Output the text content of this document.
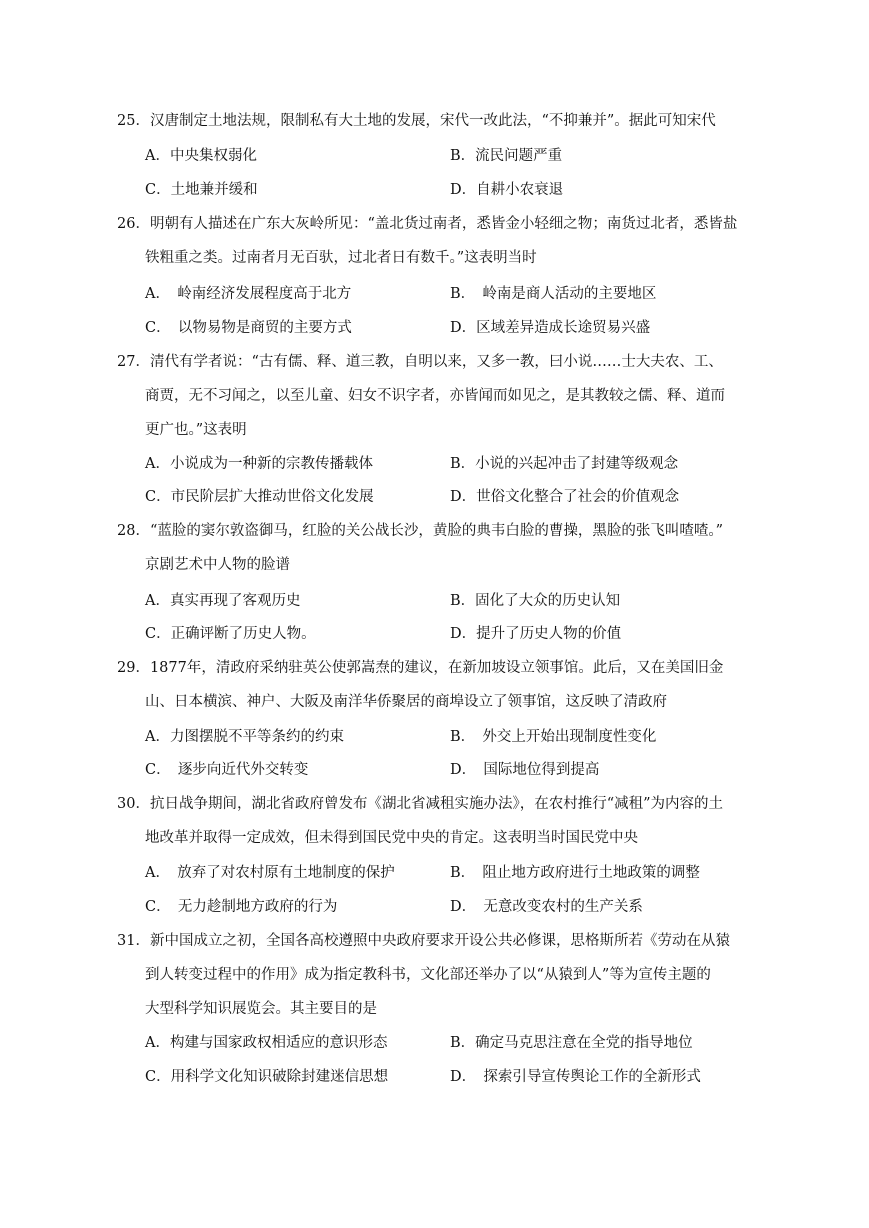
25．汉唐制定土地法规，限制私有大土地的发展，宋代一改此法，“不抑兼并”。据此可知宋代
A．中央集权弱化	B．流民问题严重
C．土地兼并缓和	D．自耕小农衰退
26．明朝有人描述在广东大灰岭所见：“盖北货过南者，悉皆金小轻细之物；南货过北者，悉皆盐
铁粗重之类。过南者月无百驮，过北者日有数千。”这表明当时
A．　岭南经济发展程度高于北方	B．　岭南是商人活动的主要地区
C．　以物易物是商贸的主要方式	D．区域差异造成长途贸易兴盛
27．清代有学者说：“古有儒、释、道三教，自明以来，又多一教，曰小说……士大夫农、工、
商贾，无不习闻之，以至儿童、妇女不识字者，亦皆闻而如见之，是其教较之儒、释、道而
更广也。”这表明
A．小说成为一种新的宗教传播载体	B．小说的兴起冲击了封建等级观念
C．市民阶层扩大推动世俗文化发展	D．世俗文化整合了社会的价值观念
28．“蓝脸的窦尔敦盗御马，红脸的关公战长沙，黄脸的典韦白脸的曹操，黑脸的张飞叫喳喳。”
京剧艺术中人物的脸谱
A．真实再现了客观历史	B．固化了大众的历史认知
C．正确评断了历史人物。	D．提升了历史人物的价值
29．1877年，清政府采纳驻英公使郭嵩焘的建议，在新加坡设立领事馆。此后，又在美国旧金
山、日本横滨、神户、大阪及南洋华侨聚居的商埠设立了领事馆，这反映了清政府
A．力图摆脱不平等条约的约束	B．　外交上开始出现制度性变化
C．　逐步向近代外交转变	D．　国际地位得到提高
30．抗日战争期间，湖北省政府曾发布《湖北省减租实施办法》，在农村推行“减租”为内容的土
地改革并取得一定成效，但未得到国民党中央的肯定。这表明当时国民党中央
A．　放弃了对农村原有土地制度的保护	B．　阻止地方政府进行土地政策的调整
C．　无力趁制地方政府的行为	D．　无意改变农村的生产关系
31．新中国成立之初，全国各高校遵照中央政府要求开设公共必修课，思格斯所若《劳动在从猿
到人转变过程中的作用》成为指定教科书，文化部还举办了以“从猿到人”等为宣传主题的
大型科学知识展览会。其主要目的是
A．构建与国家政权相适应的意识形态	B．确定马克思注意在全党的指导地位
C．用科学文化知识破除封建迷信思想	D．　探索引导宣传舆论工作的全新形式
